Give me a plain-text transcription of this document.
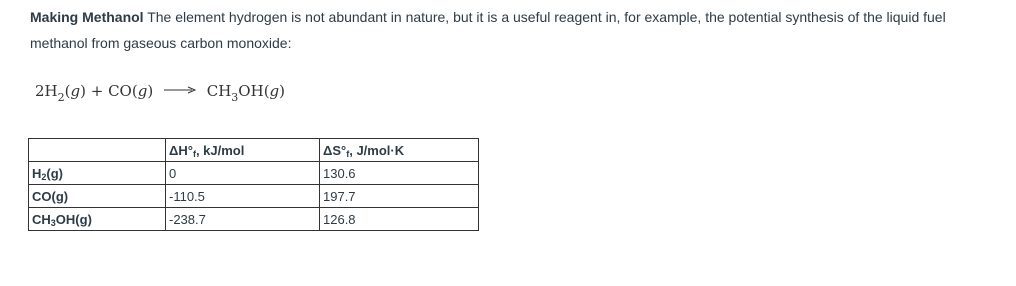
Making Methanol The element hydrogen is not abundant in nature, but it is a useful reagent in, for example, the potential synthesis of the liquid fuel methanol from gaseous carbon monoxide:

$2H_2(g) + CO(g) \to CH_3OH(g)$
	$\Delta H^\circ_f$, kJ/mol	$\Delta S^\circ_f$, J/mol·K
$H_2(g)$	0	130.6
CO(g)	-110.5	197.7
$CH_3OH(g)$	-238.7	126.8
